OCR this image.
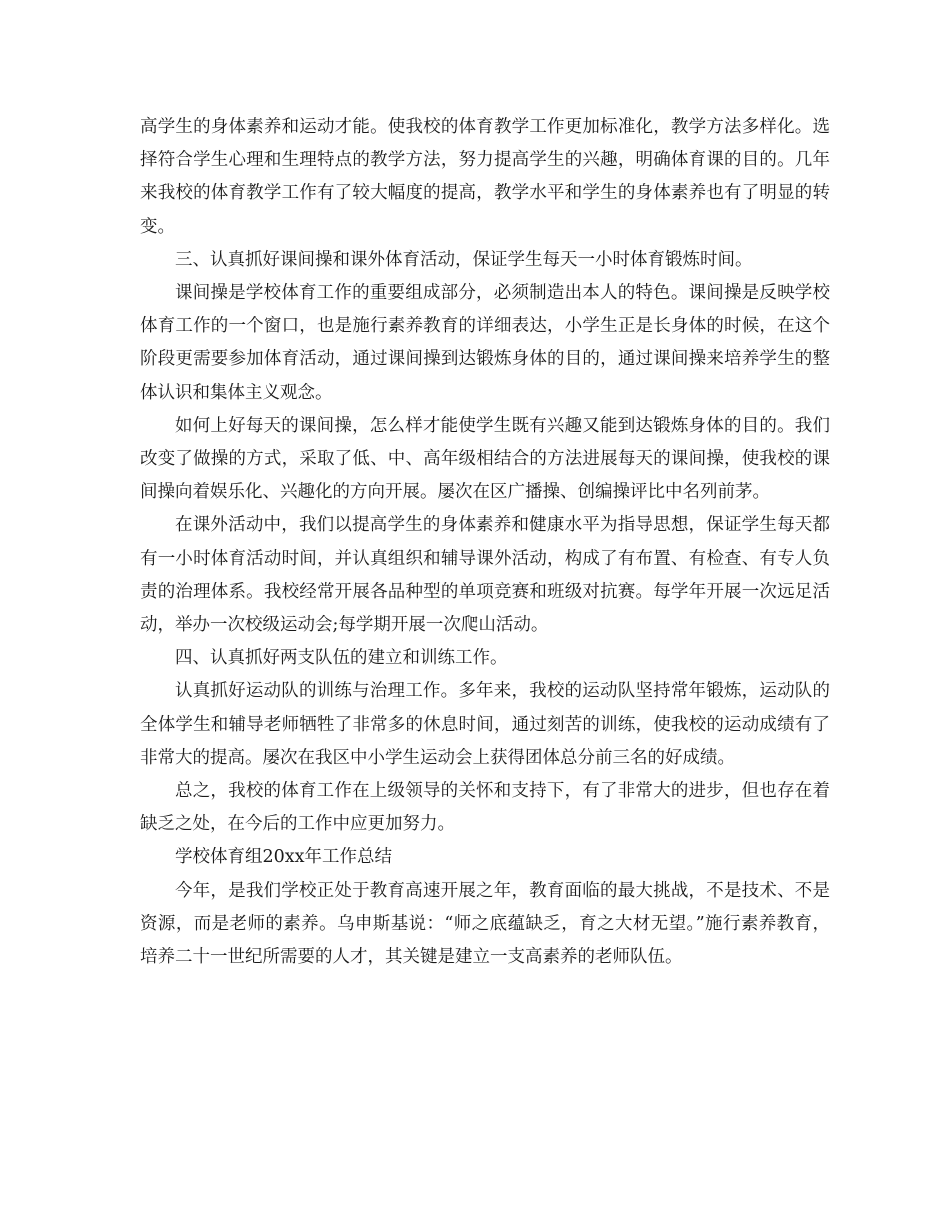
高学生的身体素养和运动才能。使我校的体育教学工作更加标准化，教学方法多样化。选择符合学生心理和生理特点的教学方法，努力提高学生的兴趣，明确体育课的目的。几年来我校的体育教学工作有了较大幅度的提高，教学水平和学生的身体素养也有了明显的转变。

三、认真抓好课间操和课外体育活动，保证学生每天一小时体育锻炼时间。

课间操是学校体育工作的重要组成部分，必须制造出本人的特色。课间操是反映学校体育工作的一个窗口，也是施行素养教育的详细表达，小学生正是长身体的时候，在这个阶段更需要参加体育活动，通过课间操到达锻炼身体的目的，通过课间操来培养学生的整体认识和集体主义观念。

如何上好每天的课间操，怎么样才能使学生既有兴趣又能到达锻炼身体的目的。我们改变了做操的方式，采取了低、中、高年级相结合的方法进展每天的课间操，使我校的课间操向着娱乐化、兴趣化的方向开展。屡次在区广播操、创编操评比中名列前茅。

在课外活动中，我们以提高学生的身体素养和健康水平为指导思想，保证学生每天都有一小时体育活动时间，并认真组织和辅导课外活动，构成了有布置、有检查、有专人负责的治理体系。我校经常开展各品种型的单项竞赛和班级对抗赛。每学年开展一次远足活动，举办一次校级运动会;每学期开展一次爬山活动。

四、认真抓好两支队伍的建立和训练工作。

认真抓好运动队的训练与治理工作。多年来，我校的运动队坚持常年锻炼，运动队的全体学生和辅导老师牺牲了非常多的休息时间，通过刻苦的训练，使我校的运动成绩有了非常大的提高。屡次在我区中小学生运动会上获得团体总分前三名的好成绩。

总之，我校的体育工作在上级领导的关怀和支持下，有了非常大的进步，但也存在着缺乏之处，在今后的工作中应更加努力。

学校体育组20xx年工作总结

今年，是我们学校正处于教育高速开展之年，教育面临的最大挑战，不是技术、不是资源，而是老师的素养。乌申斯基说：“师之底蕴缺乏，育之大材无望。”施行素养教育，培养二十一世纪所需要的人才，其关键是建立一支高素养的老师队伍。
